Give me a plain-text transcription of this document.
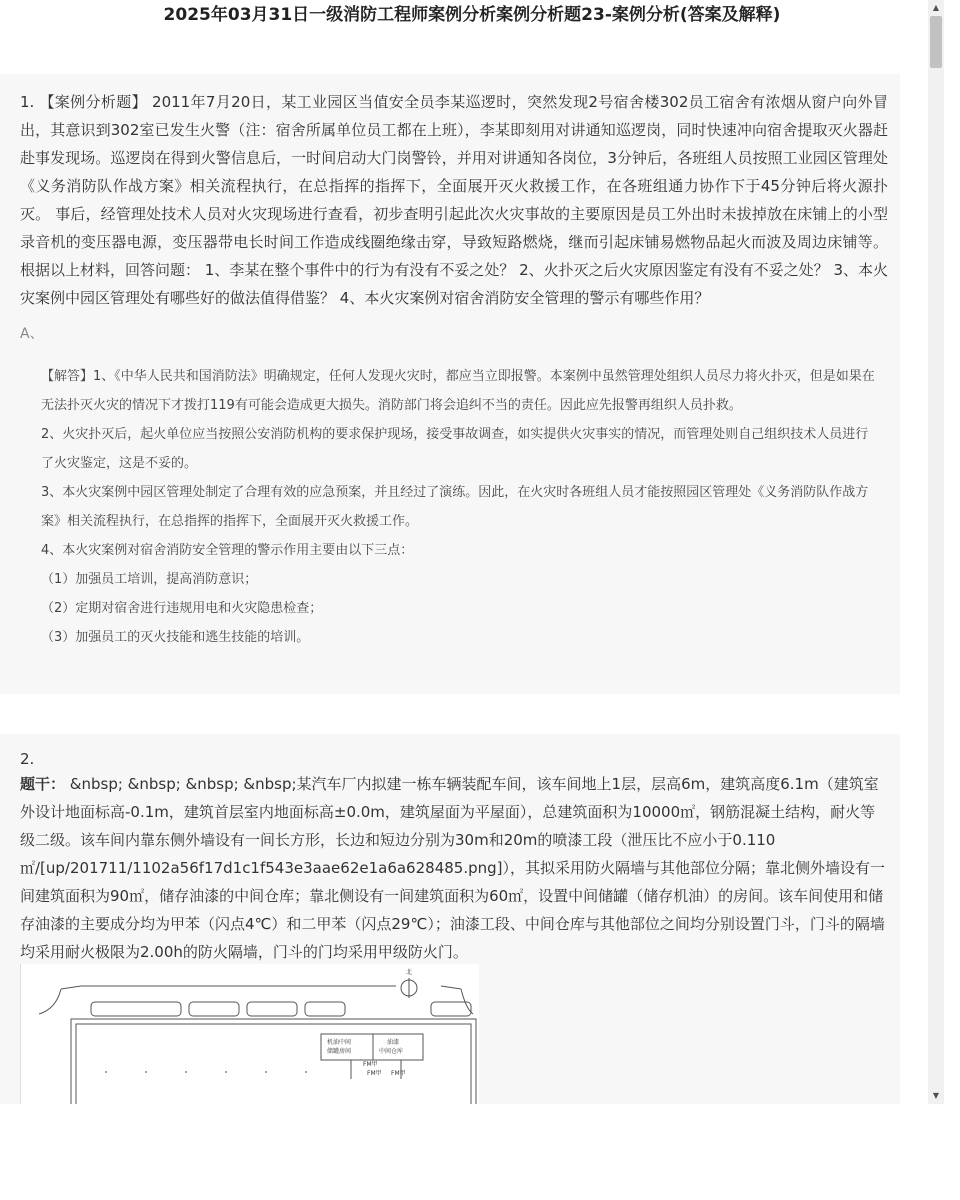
2025年03月31日一级消防工程师案例分析案例分析题23-案例分析(答案及解释)

1. 【案例分析题】 2011年7月20日，某工业园区当值安全员李某巡逻时，突然发现2号宿舍楼302员工宿舍有浓烟从窗户向外冒出，其意识到302室已发生火警（注：宿舍所属单位员工都在上班），李某即刻用对讲通知巡逻岗，同时快速冲向宿舍提取灭火器赶赴事发现场。巡逻岗在得到火警信息后，一时间启动大门岗警铃，并用对讲通知各岗位，3分钟后，各班组人员按照工业园区管理处《义务消防队作战方案》相关流程执行，在总指挥的指挥下，全面展开灭火救援工作，在各班组通力协作下于45分钟后将火源扑灭。 事后，经管理处技术人员对火灾现场进行查看，初步查明引起此次火灾事故的主要原因是员工外出时未拔掉放在床铺上的小型录音机的变压器电源，变压器带电长时间工作造成线圈绝缘击穿，导致短路燃烧，继而引起床铺易燃物品起火而波及周边床铺等。 根据以上材料，回答问题： 1、李某在整个事件中的行为有没有不妥之处？ 2、火扑灭之后火灾原因鉴定有没有不妥之处？ 3、本火灾案例中园区管理处有哪些好的做法值得借鉴？ 4、本火灾案例对宿舍消防安全管理的警示有哪些作用？

A、

【解答】1、《中华人民共和国消防法》明确规定，任何人发现火灾时，都应当立即报警。本案例中虽然管理处组织人员尽力将火扑灭，但是如果在无法扑灭火灾的情况下才拨打119有可能会造成更大损失。消防部门将会追纠不当的责任。因此应先报警再组织人员扑救。

2、火灾扑灭后，起火单位应当按照公安消防机构的要求保护现场，接受事故调查，如实提供火灾事实的情况，而管理处则自己组织技术人员进行了火灾鉴定，这是不妥的。

3、本火灾案例中园区管理处制定了合理有效的应急预案，并且经过了演练。因此，在火灾时各班组人员才能按照园区管理处《义务消防队作战方案》相关流程执行，在总指挥的指挥下，全面展开灭火救援工作。

4、本火灾案例对宿舍消防安全管理的警示作用主要由以下三点：

（1）加强员工培训，提高消防意识；

（2）定期对宿舍进行违规用电和火灾隐患检查；

（3）加强员工的灭火技能和逃生技能的培训。

2.

题干： &nbsp; &nbsp; &nbsp; &nbsp;某汽车厂内拟建一栋车辆装配车间，该车间地上1层，层高6m，建筑高度6.1m（建筑室外设计地面标高-0.1m，建筑首层室内地面标高±0.0m，建筑屋面为平屋面），总建筑面积为10000㎡，钢筋混凝土结构，耐火等级二级。该车间内靠东侧外墙设有一间长方形，长边和短边分别为30m和20m的喷漆工段（泄压比不应小于0.110㎡/[up/201711/1102a56f17d1c1f543e3aae62e1a6a628485.png]），其拟采用防火隔墙与其他部位分隔；靠北侧外墙设有一间建筑面积为90㎡，储存油漆的中间仓库；靠北侧设有一间建筑面积为60㎡，设置中间储罐（储存机油）的房间。该车间使用和储存油漆的主要成分均为甲苯（闪点4℃）和二甲苯（闪点29℃）；油漆工段、中间仓库与其他部位之间均分别设置门斗，门斗的隔墙均采用耐火极限为2.00h的防火隔墙，门斗的门均采用甲级防火门。

北
机油中间
储罐房间
油漆
中间仓库
FM甲
FM甲 FM甲
▲
▼
